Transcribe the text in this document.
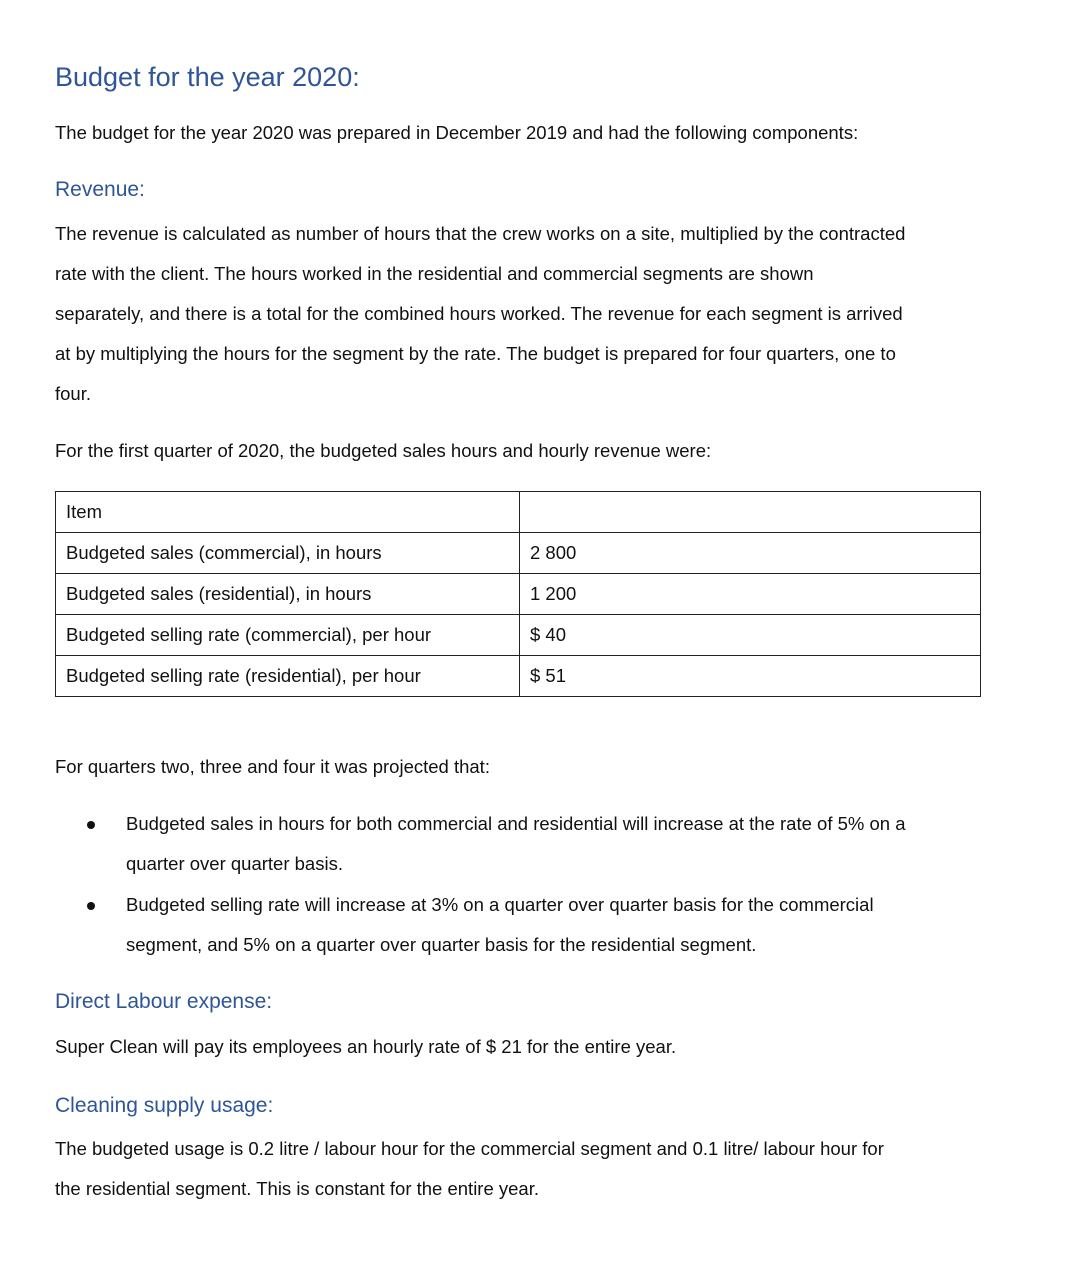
Budget for the year 2020:
The budget for the year 2020 was prepared in December 2019 and had the following components:
Revenue:
The revenue is calculated as number of hours that the crew works on a site, multiplied by the contracted
rate with the client. The hours worked in the residential and commercial segments are shown
separately, and there is a total for the combined hours worked. The revenue for each segment is arrived
at by multiplying the hours for the segment by the rate. The budget is prepared for four quarters, one to
four.
For the first quarter of 2020, the budgeted sales hours and hourly revenue were:
Item	
Budgeted sales (commercial), in hours	2 800
Budgeted sales (residential), in hours	1 200
Budgeted selling rate (commercial), per hour	$ 40
Budgeted selling rate (residential), per hour	$ 51
For quarters two, three and four it was projected that:
Budgeted sales in hours for both commercial and residential will increase at the rate of 5% on a
quarter over quarter basis.
Budgeted selling rate will increase at 3% on a quarter over quarter basis for the commercial
segment, and 5% on a quarter over quarter basis for the residential segment.
Direct Labour expense:
Super Clean will pay its employees an hourly rate of $ 21 for the entire year.
Cleaning supply usage:
The budgeted usage is 0.2 litre / labour hour for the commercial segment and 0.1 litre/ labour hour for
the residential segment. This is constant for the entire year.
